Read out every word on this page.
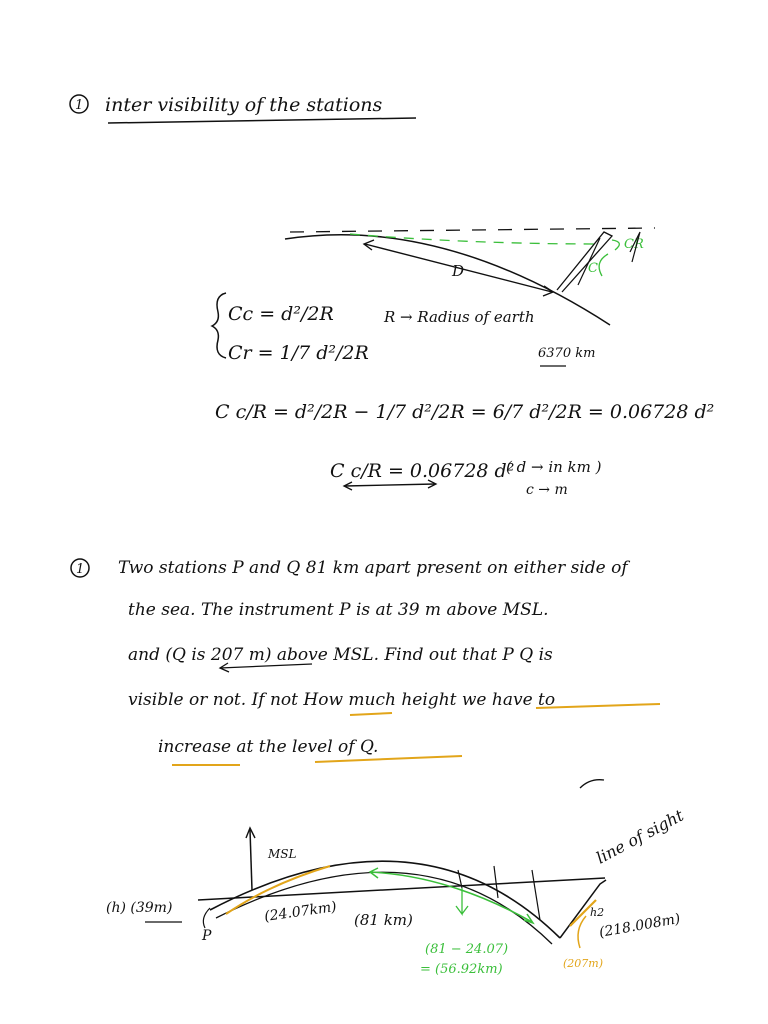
1 inter visibility of the stations
D
CR
C
Cc = d²/2R	R → Radius of earth
6370 km
Cr = 1/7 d²/2R
C c/R = d²/2R − 1/7 d²/2R = 6/7 d²/2R = 0.06728 d²
C c/R = 0.06728 d²
( d → in km )
c → m
1 Two stations P and Q 81 km apart present on either side of
the sea. The instrument P is at 39 m above MSL.
and (Q is 207 m) above MSL. Find out that P Q is
visible or not. If not How much height we have to
increase at the level of Q.
line of sight
MSL
h2
(218.008m)
(h) (39m)
P
(24.07km) (81 km)
(81 − 24.07)
= (56.92km)	(207m)
